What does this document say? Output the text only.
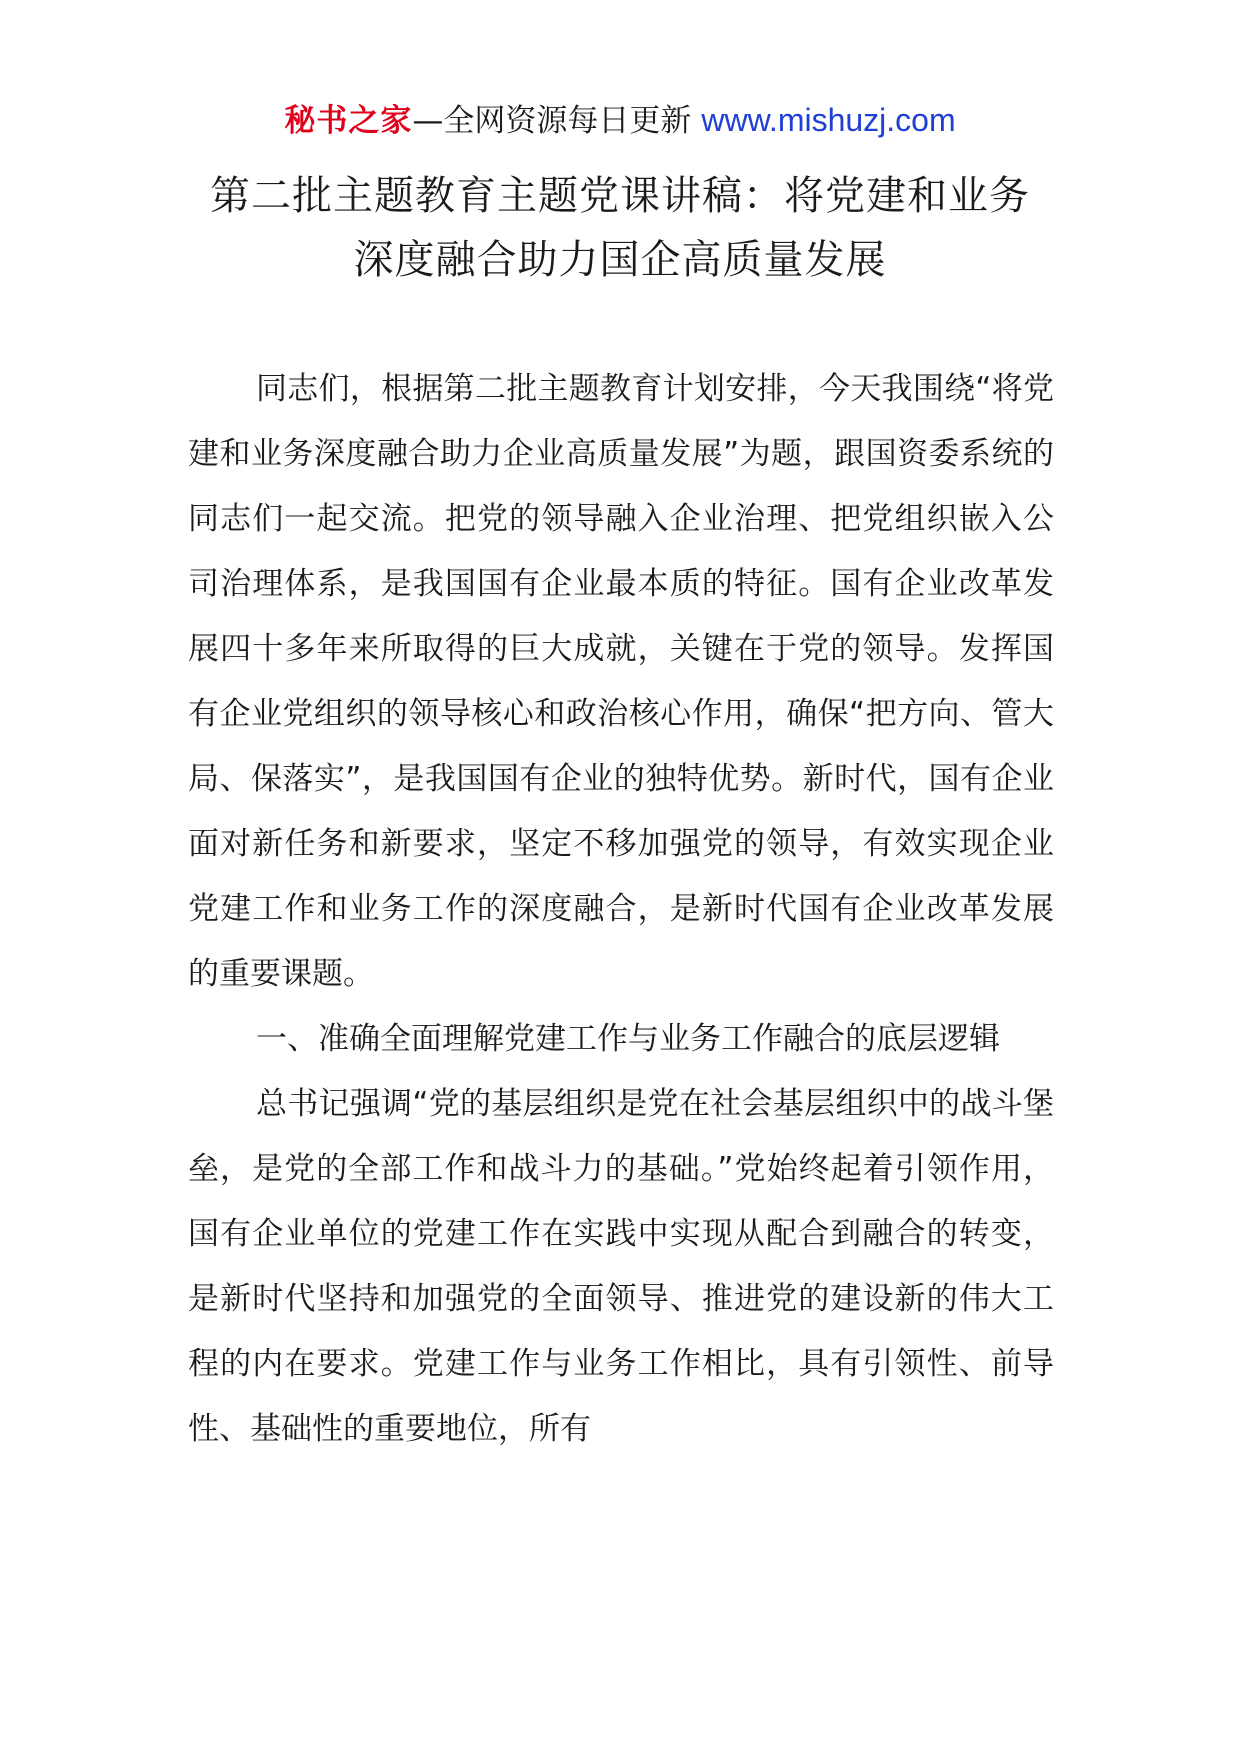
秘书之家—全网资源每日更新 www.mishuzj.com
第二批主题教育主题党课讲稿：将党建和业务
深度融合助力国企高质量发展

同志们，根据第二批主题教育计划安排，今天我围绕“将党建和业务深度融合助力企业高质量发展”为题，跟国资委系统的同志们一起交流。把党的领导融入企业治理、把党组织嵌入公司治理体系，是我国国有企业最本质的特征。国有企业改革发展四十多年来所取得的巨大成就，关键在于党的领导。发挥国有企业党组织的领导核心和政治核心作用，确保“把方向、管大局、保落实”，是我国国有企业的独特优势。新时代，国有企业面对新任务和新要求，坚定不移加强党的领导，有效实现企业党建工作和业务工作的深度融合，是新时代国有企业改革发展的重要课题。

一、准确全面理解党建工作与业务工作融合的底层逻辑

总书记强调“党的基层组织是党在社会基层组织中的战斗堡垒，是党的全部工作和战斗力的基础。”党始终起着引领作用，国有企业单位的党建工作在实践中实现从配合到融合的转变，是新时代坚持和加强党的全面领导、推进党的建设新的伟大工程的内在要求。党建工作与业务工作相比，具有引领性、前导性、基础性的重要地位，所有
